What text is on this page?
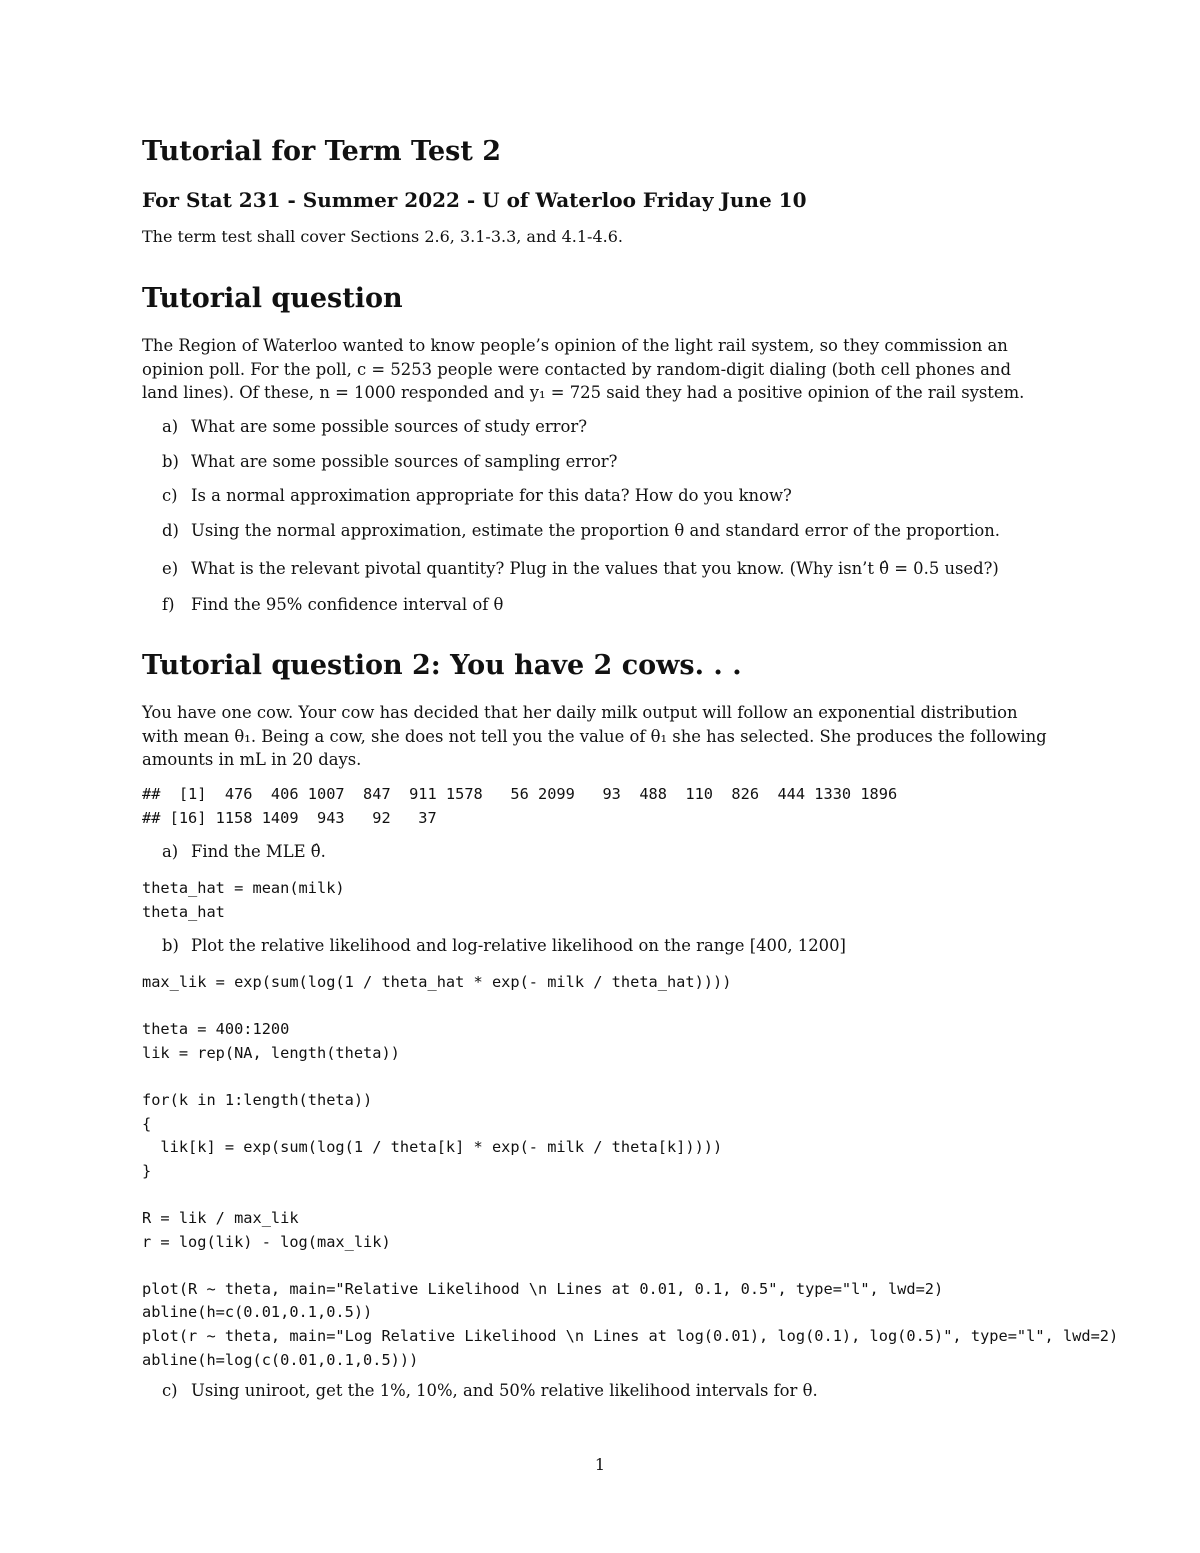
Tutorial for Term Test 2
For Stat 231 - Summer 2022 - U of Waterloo Friday June 10
The term test shall cover Sections 2.6, 3.1-3.3, and 4.1-4.6.
Tutorial question
The Region of Waterloo wanted to know people’s opinion of the light rail system, so they commission an
opinion poll. For the poll, c = 5253 people were contacted by random-digit dialing (both cell phones and
land lines). Of these, n = 1000 responded and y₁ = 725 said they had a positive opinion of the rail system.
a) What are some possible sources of study error?
b) What are some possible sources of sampling error?
c) Is a normal approximation appropriate for this data? How do you know?
d) Using the normal approximation, estimate the proportion θ and standard error of the proportion.
e) What is the relevant pivotal quantity? Plug in the values that you know. (Why isn’t θ̂ = 0.5 used?)
f) Find the 95% confidence interval of θ
Tutorial question 2: You have 2 cows. . .
You have one cow. Your cow has decided that her daily milk output will follow an exponential distribution
with mean θ₁. Being a cow, she does not tell you the value of θ₁ she has selected. She produces the following
amounts in mL in 20 days.
##  [1]  476  406 1007  847  911 1578   56 2099   93  488  110  826  444 1330 1896
## [16] 1158 1409  943   92   37
a) Find the MLE θ̂.
theta_hat = mean(milk)
theta_hat
b) Plot the relative likelihood and log-relative likelihood on the range [400, 1200]
max_lik = exp(sum(log(1 / theta_hat * exp(- milk / theta_hat))))

theta = 400:1200
lik = rep(NA, length(theta))

for(k in 1:length(theta))
{
lik[k] = exp(sum(log(1 / theta[k] * exp(- milk / theta[k]))))
}

R = lik / max_lik
r = log(lik) - log(max_lik)

plot(R ~ theta, main="Relative Likelihood \n Lines at 0.01, 0.1, 0.5", type="l", lwd=2)
abline(h=c(0.01,0.1,0.5))
plot(r ~ theta, main="Log Relative Likelihood \n Lines at log(0.01), log(0.1), log(0.5)", type="l", lwd=2)
abline(h=log(c(0.01,0.1,0.5)))
c) Using uniroot, get the 1%, 10%, and 50% relative likelihood intervals for θ.
1
